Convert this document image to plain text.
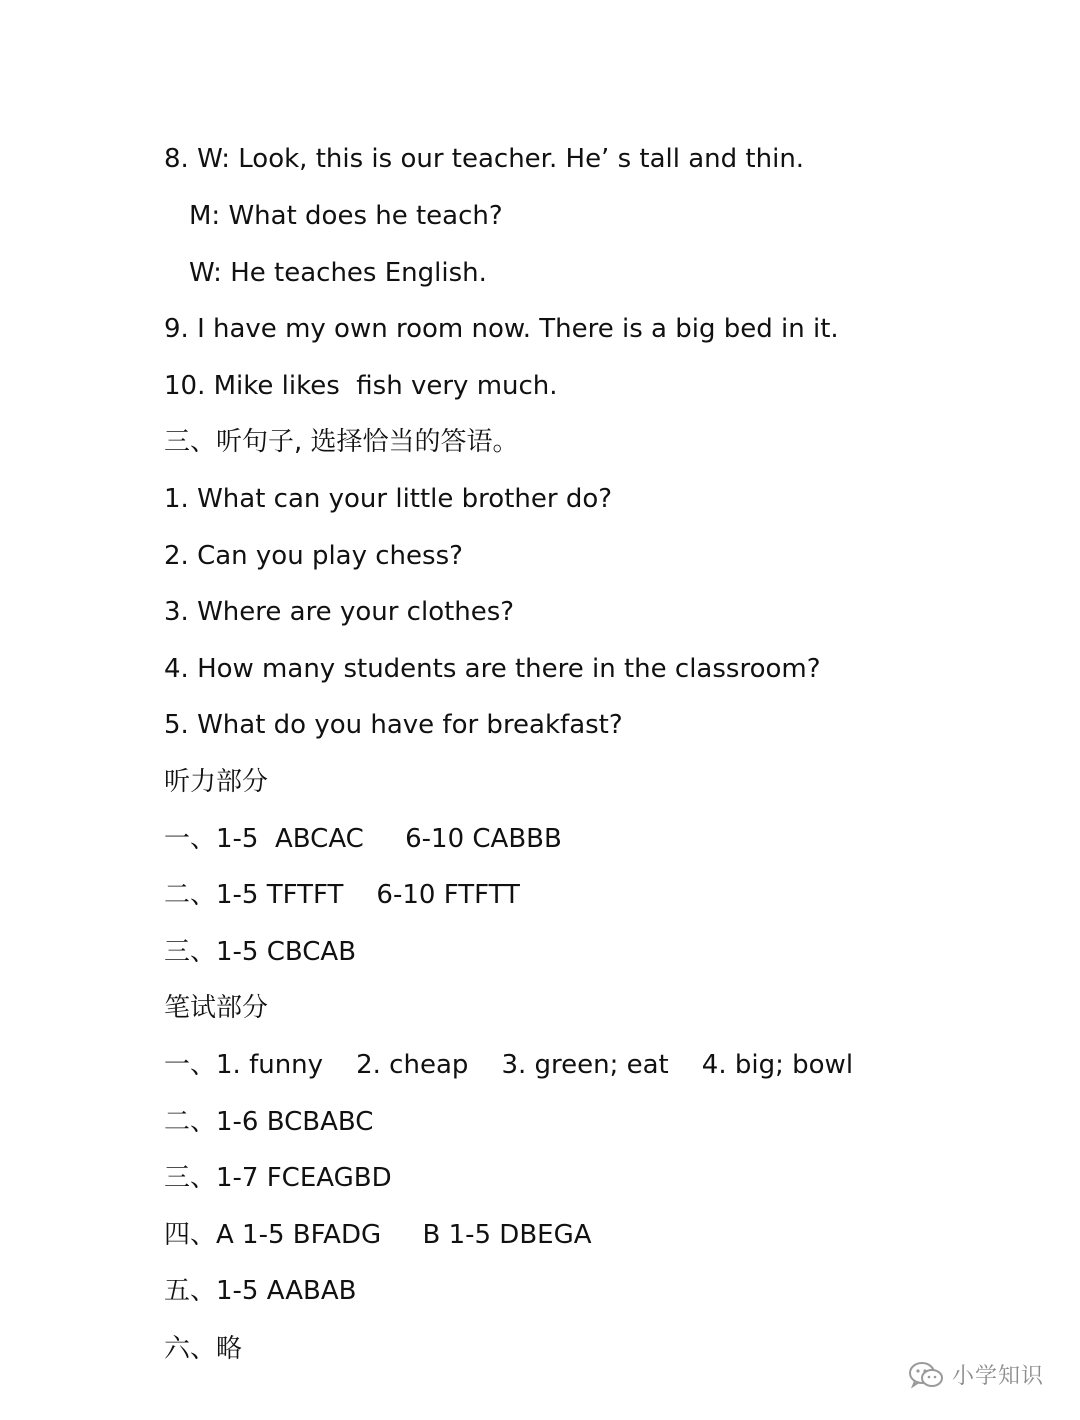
8. W: Look, this is our teacher. He’ s tall and thin.
M: What does he teach?
W: He teaches English.
9. I have my own room now. There is a big bed in it.
10. Mike likes  fish very much.
三、听句子, 选择恰当的答语。
1. What can your little brother do?
2. Can you play chess?
3. Where are your clothes?
4. How many students are there in the classroom?
5. What do you have for breakfast?
听力部分
一、1-5  ABCAC     6-10 CABBB
二、1-5 TFTFT    6-10 FTFTT
三、1-5 CBCAB
笔试部分
一、1. funny    2. cheap    3. green; eat    4. big; bowl
二、1-6 BCBABC
三、1-7 FCEAGBD
四、A 1-5 BFADG     B 1-5 DBEGA
五、1-5 AABAB
六、略
小学知识
